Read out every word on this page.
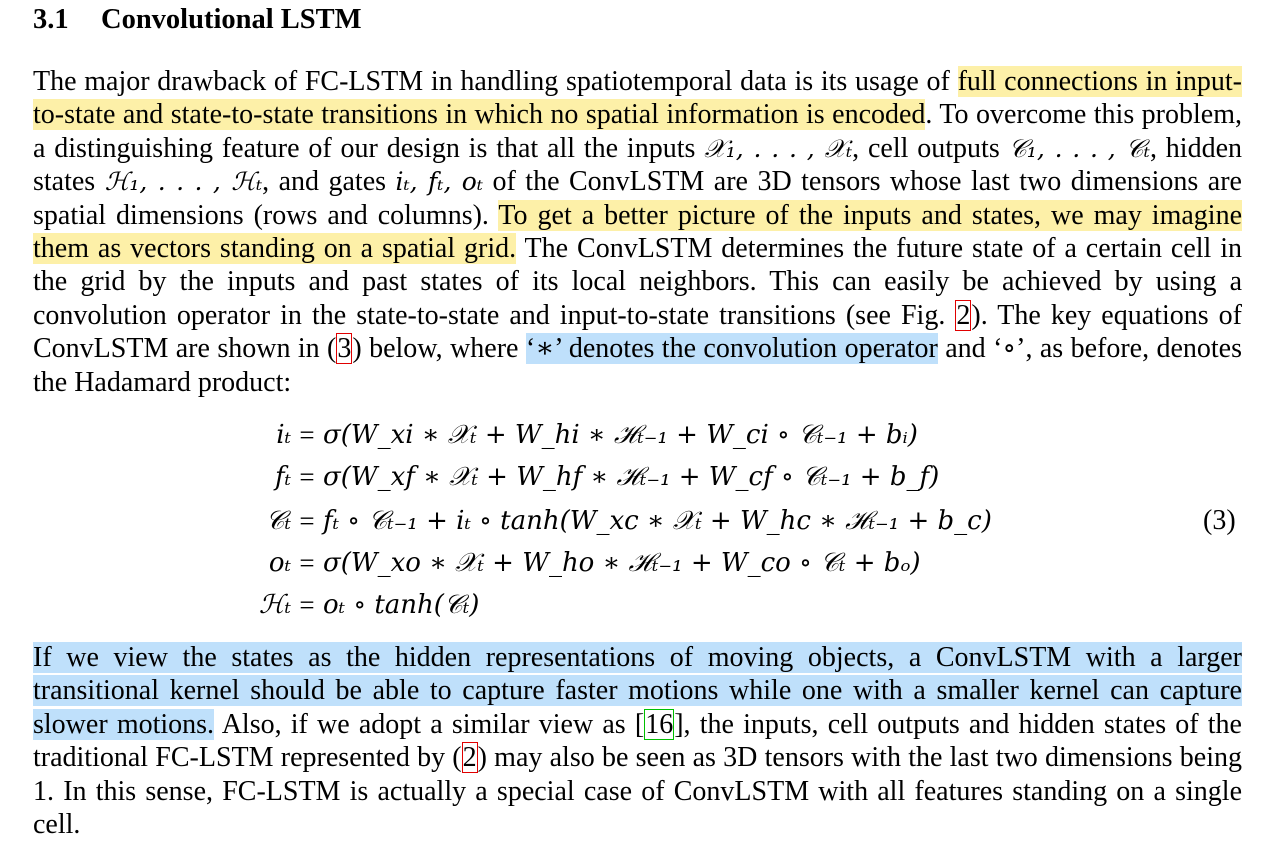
3.1 Convolutional LSTM
The major drawback of FC-LSTM in handling spatiotemporal data is its usage of full connections in input-to-state and state-to-state transitions in which no spatial information is encoded. To overcome this problem, a distinguishing feature of our design is that all the inputs 𝒳₁, . . . , 𝒳ₜ, cell outputs 𝒞₁, . . . , 𝒞ₜ, hidden states ℋ₁, . . . , ℋₜ, and gates iₜ, fₜ, oₜ of the ConvLSTM are 3D tensors whose last two dimensions are spatial dimensions (rows and columns). To get a better picture of the inputs and states, we may imagine them as vectors standing on a spatial grid. The ConvLSTM determines the future state of a certain cell in the grid by the inputs and past states of its local neighbors. This can easily be achieved by using a convolution operator in the state-to-state and input-to-state transitions (see Fig. 2). The key equations of ConvLSTM are shown in (3) below, where ‘∗’ denotes the convolution operator and ‘∘’, as before, denotes the Hadamard product:
iₜ = σ(W_xi ∗ 𝒳ₜ + W_hi ∗ ℋₜ₋₁ + W_ci ∘ 𝒞ₜ₋₁ + bᵢ)
fₜ = σ(W_xf ∗ 𝒳ₜ + W_hf ∗ ℋₜ₋₁ + W_cf ∘ 𝒞ₜ₋₁ + b_f)
𝒞ₜ = fₜ ∘ 𝒞ₜ₋₁ + iₜ ∘ tanh(W_xc ∗ 𝒳ₜ + W_hc ∗ ℋₜ₋₁ + b_c)
oₜ = σ(W_xo ∗ 𝒳ₜ + W_ho ∗ ℋₜ₋₁ + W_co ∘ 𝒞ₜ + bₒ)
ℋₜ = oₜ ∘ tanh(𝒞ₜ)
(3)
If we view the states as the hidden representations of moving objects, a ConvLSTM with a larger transitional kernel should be able to capture faster motions while one with a smaller kernel can capture slower motions. Also, if we adopt a similar view as [16], the inputs, cell outputs and hidden states of the traditional FC-LSTM represented by (2) may also be seen as 3D tensors with the last two dimensions being 1. In this sense, FC-LSTM is actually a special case of ConvLSTM with all features standing on a single cell.
